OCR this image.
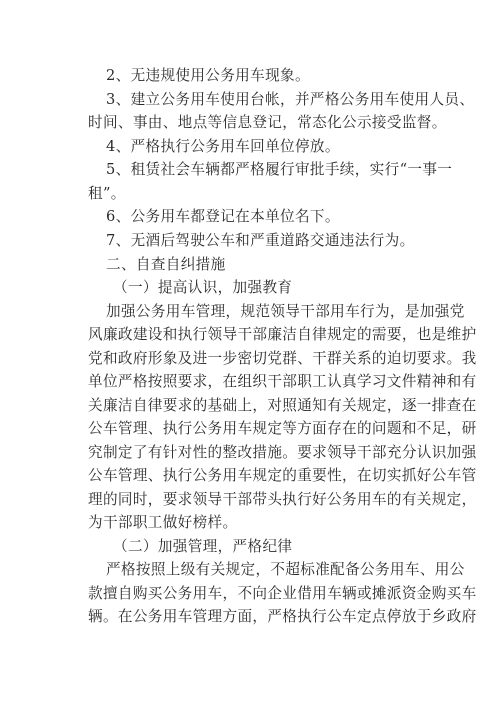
2、无违规使用公务用车现象。
3、建立公务用车使用台帐，并严格公务用车使用人员、
时间、事由、地点等信息登记，常态化公示接受监督。
4、严格执行公务用车回单位停放。
5、租赁社会车辆都严格履行审批手续，实行“一事一
租”。
6、公务用车都登记在本单位名下。
7、无酒后驾驶公车和严重道路交通违法行为。
二、自查自纠措施
（一）提高认识，加强教育
加强公务用车管理，规范领导干部用车行为，是加强党
风廉政建设和执行领导干部廉洁自律规定的需要，也是维护
党和政府形象及进一步密切党群、干群关系的迫切要求。我
单位严格按照要求，在组织干部职工认真学习文件精神和有
关廉洁自律要求的基础上，对照通知有关规定，逐一排查在
公车管理、执行公务用车规定等方面存在的问题和不足，研
究制定了有针对性的整改措施。要求领导干部充分认识加强
公车管理、执行公务用车规定的重要性，在切实抓好公车管
理的同时，要求领导干部带头执行好公务用车的有关规定，
为干部职工做好榜样。
（二）加强管理，严格纪律
严格按照上级有关规定，不超标准配备公务用车、用公
款擅自购买公务用车，不向企业借用车辆或摊派资金购买车
辆。在公务用车管理方面，严格执行公车定点停放于乡政府
